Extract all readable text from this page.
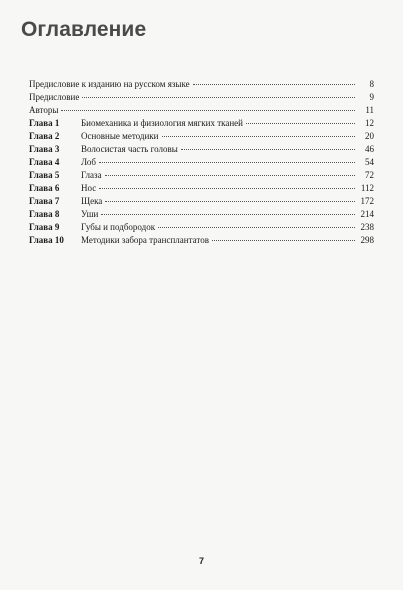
Оглавление
Предисловие к изданию на русском языке	8
Предисловие	9
Авторы	11
Глава 1	Биомеханика и физиология мягких тканей	12
Глава 2	Основные методики	20
Глава 3	Волосистая часть головы	46
Глава 4	Лоб	54
Глава 5	Глаза	72
Глава 6	Нос	112
Глава 7	Щека	172
Глава 8	Уши	214
Глава 9	Губы и подбородок	238
Глава 10	Методики забора трансплантатов	298
7
